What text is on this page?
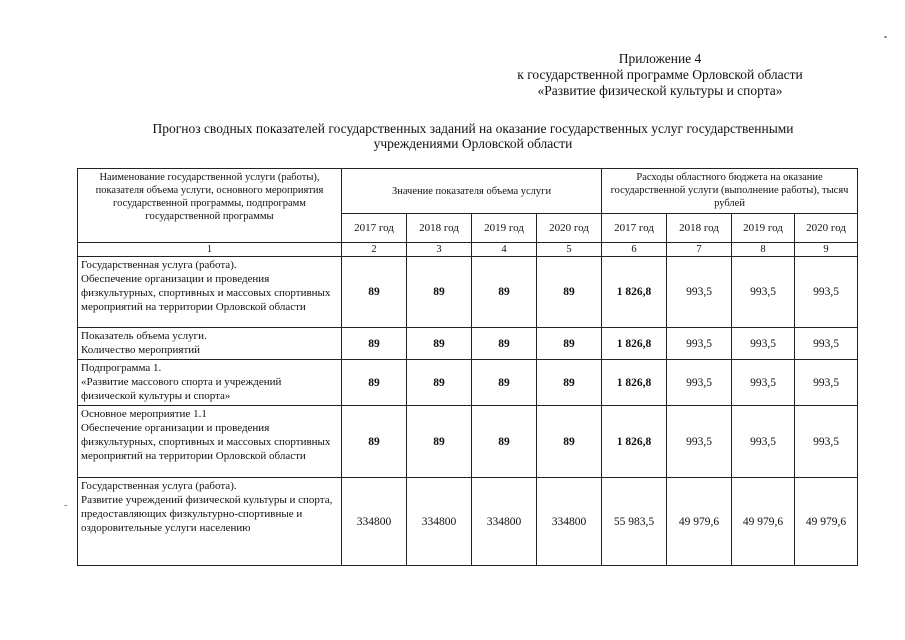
Приложение 4
к государственной программе Орловской области
«Развитие физической культуры и спорта»
Прогноз сводных показателей государственных заданий на оказание государственных услуг государственными
учреждениями Орловской области
Наименование государственной услуги (работы), показателя объема услуги, основного мероприятия государственной программы, подпрограмм государственной программы	Значение показателя объема услуги				Расходы областного бюджета на оказание государственной услуги (выполнение работы), тысяч рублей			
	2017 год	2018 год	2019 год	2020 год	2017 год	2018 год	2019 год	2020 год
1	2	3	4	5	6	7	8	9
Государственная услуга (работа).
Обеспечение организации и проведения физкультурных, спортивных и массовых спортивных мероприятий на территории Орловской области	89	89	89	89	1 826,8	993,5	993,5	993,5
Показатель объема услуги.
Количество мероприятий	89	89	89	89	1 826,8	993,5	993,5	993,5
Подпрограмма 1.
«Развитие массового спорта и учреждений физической культуры и спорта»	89	89	89	89	1 826,8	993,5	993,5	993,5
Основное мероприятие 1.1
Обеспечение организации и проведения физкультурных, спортивных и массовых спортивных мероприятий на территории Орловской области	89	89	89	89	1 826,8	993,5	993,5	993,5
Государственная услуга (работа).
Развитие учреждений физической культуры и спорта, предоставляющих физкультурно-спортивные и оздоровительные услуги населению	334800	334800	334800	334800	55 983,5	49 979,6	49 979,6	49 979,6
-
